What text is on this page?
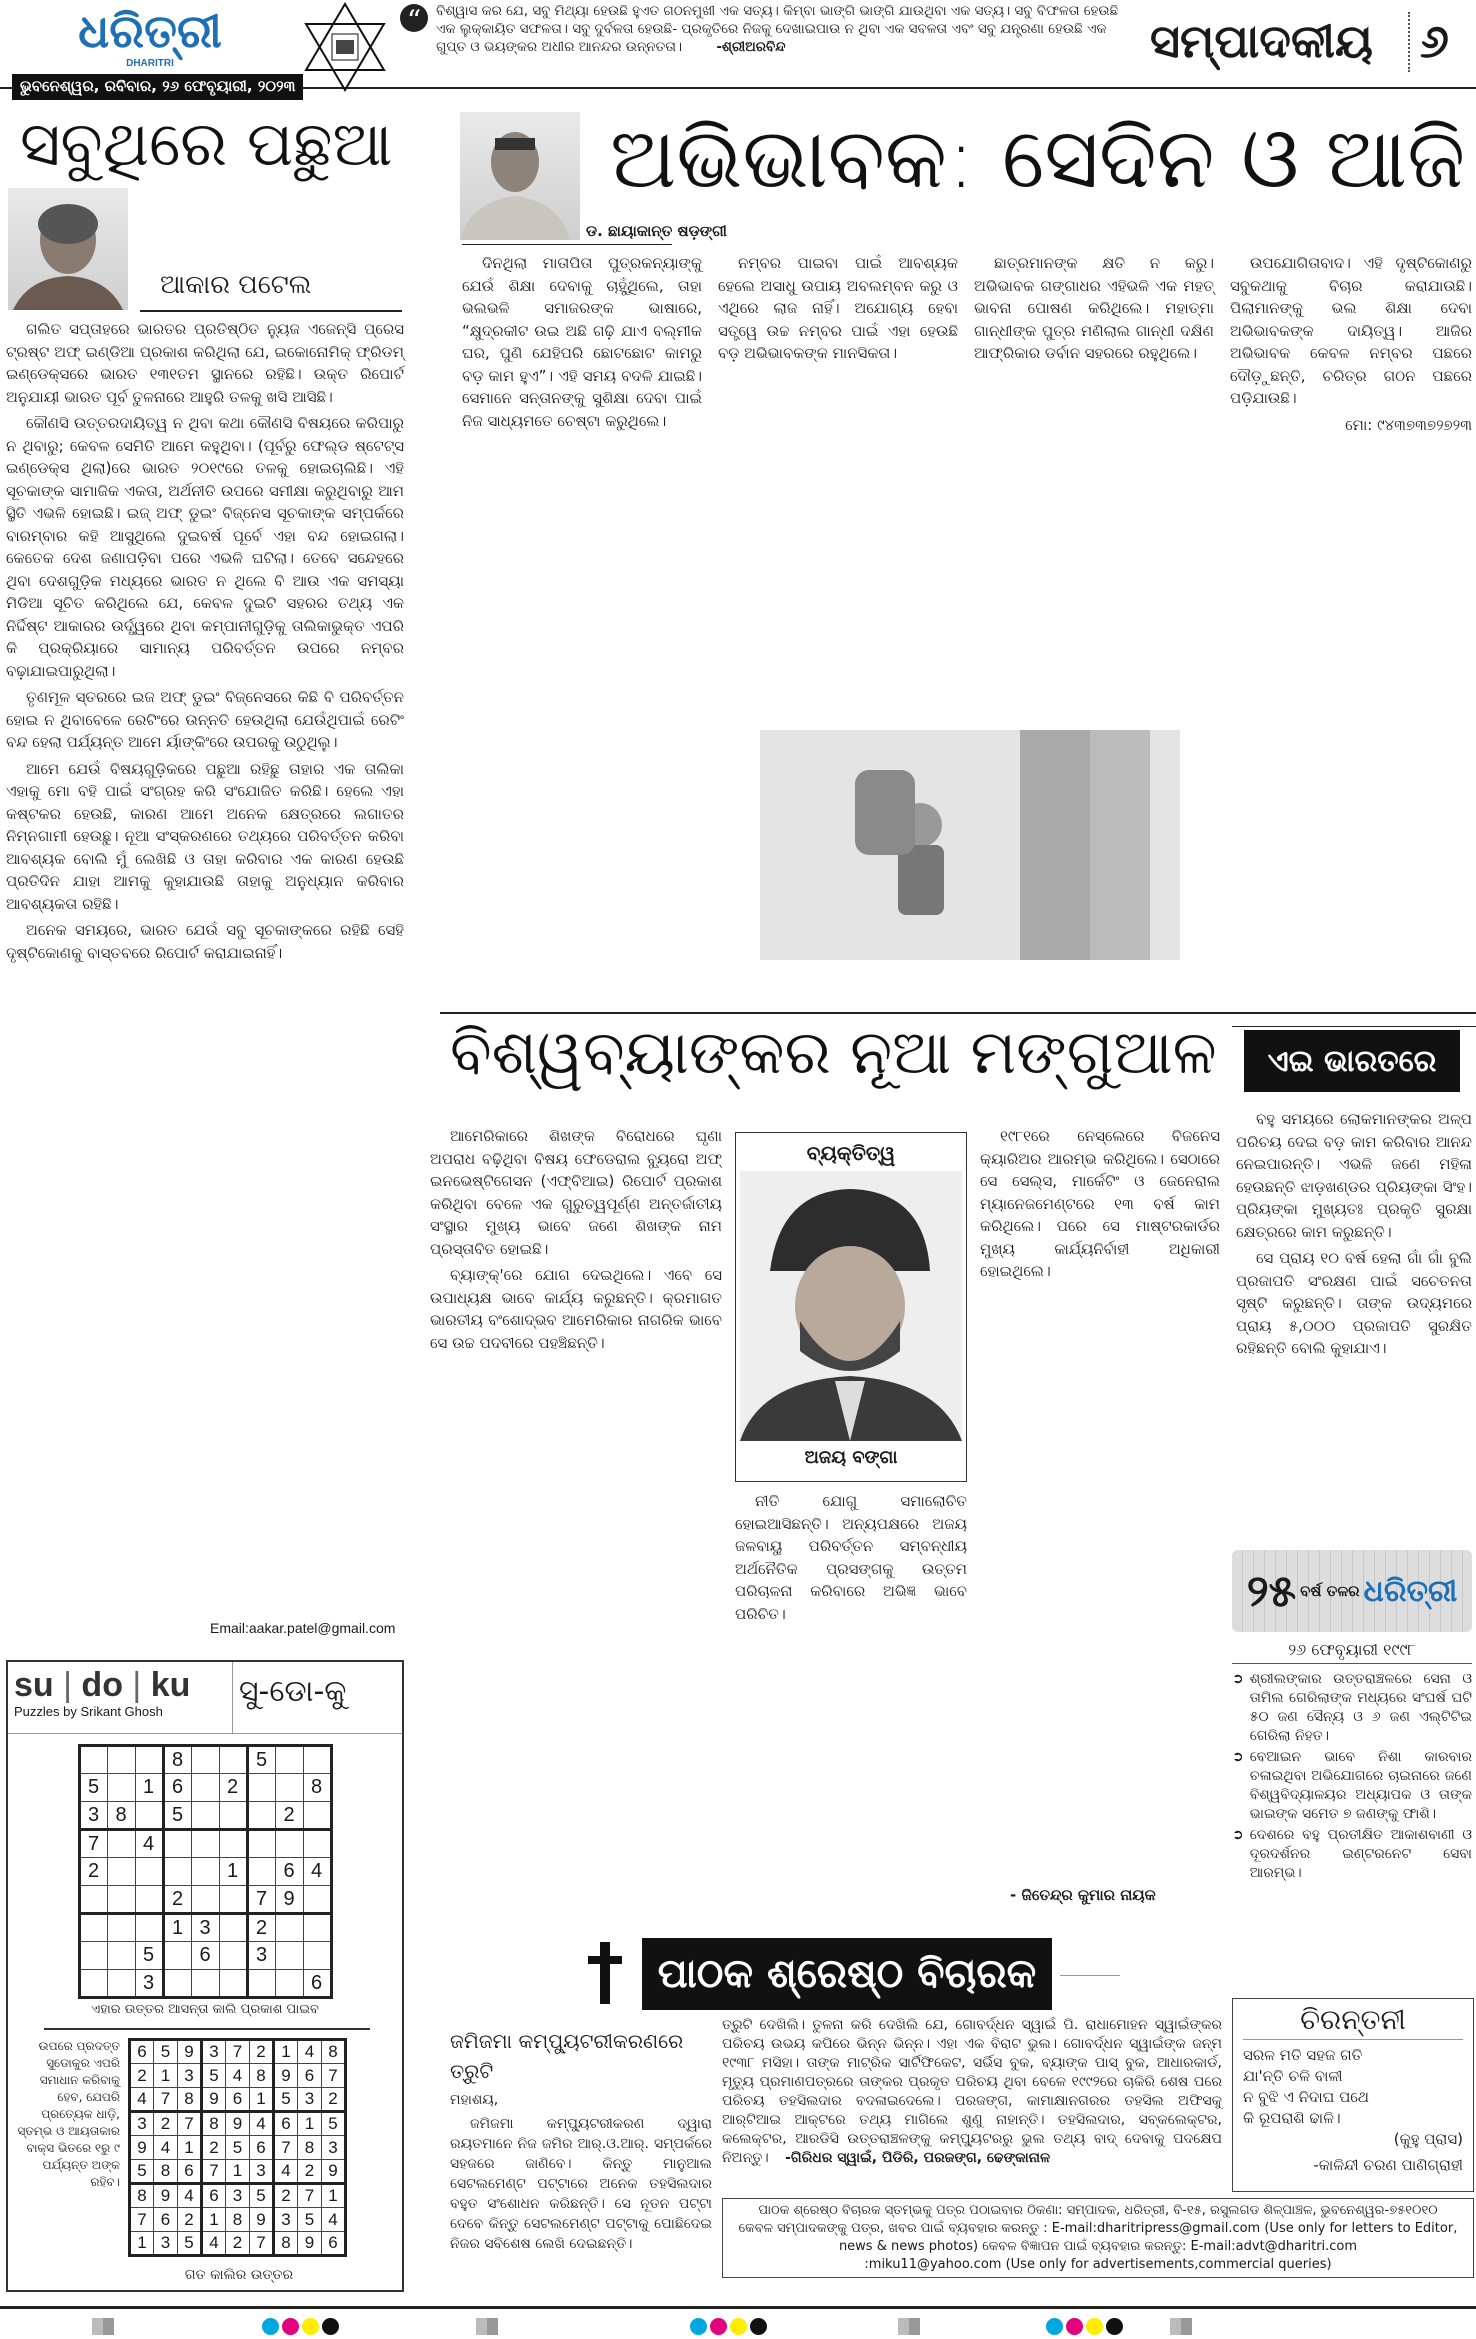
ଧରିତ୍ରୀ
DHARITRI
ଭୁବନେଶ୍ୱର, ରବିବାର, ୨୬ ଫେବୃୟାରୀ, ୨୦୨୩
“	ବିଶ୍ୱାସ କର ଯେ, ସବୁ ମିଥ୍ୟା ହେଉଛି ହୁଏତ ଗଠନମୁଖୀ ଏକ ସତ୍ୟ। କିମ୍ବା ଭାଙ୍ଗି ଭାଙ୍ଗି ଯାଉଥିବା ଏକ ସତ୍ୟ। ସବୁ ବିଫଳତା ହେଉଛି ଏକ ଲୁକ୍କାୟିତ ସଫଳତା। ସବୁ ଦୁର୍ବଳତା ହେଉଛି- ପ୍ରକୃତିରେ ନିଜକୁ ଦେଖାଇପାଉ ନ ଥିବା ଏକ ସବଳତା ଏବଂ ସବୁ ଯନ୍ତ୍ରଣା ହେଉଛି ଏକ ଗୁପ୍ତ ଓ ଭୟଙ୍କର ଅଧୀର ଆନନ୍ଦର ଉନ୍ନତତା।	-ଶ୍ରୀଅରବିନ୍ଦ	ସମ୍ପାଦକୀୟ ୬
ସବୁଥିରେ ପଛୁଆ
ଆକାର ପଟେଲ

ଗଲିତ ସପ୍ତାହରେ ଭାରତର ପ୍ରତିଷ୍ଠିତ ନ୍ୟୁଜ ଏଜେନ୍ସି ପ୍ରେସ ଟ୍ରଷ୍ଟ ଅଫ୍ ଇଣ୍ଡିଆ ପ୍ରକାଶ କରିଥିଲା ଯେ, ଇକୋନୋମିକ୍ ଫ୍ରିଡମ୍ ଇଣ୍ଡେକ୍ସରେ ଭାରତ ୧୩୧ତମ ସ୍ଥାନରେ ରହିଛି। ଉକ୍ତ ରିପୋର୍ଟ ଅନୁଯାୟୀ ଭାରତ ପୂର୍ବ ତୁଳନାରେ ଆହୁରି ତଳକୁ ଖସି ଆସିଛି।

କୌଣସି ଉତ୍ତରଦାୟିତ୍ୱ ନ ଥିବା କଥା କୌଣସି ବିଷୟରେ କରିପାରୁ ନ ଥିବାରୁ; କେବଳ ସେମିତି ଆମେ କହୁଥିବା। (ପୂର୍ବରୁ ଫେଲ୍ଡ ଷ୍ଟେଟ୍ସ ଇଣ୍ଡେକ୍ସ ଥିଲା)ରେ ଭାରତ ୨୦୧୯ରେ ତଳକୁ ହୋଇଚାଲିଛି। ଏହି ସୂଚକାଙ୍କ ସାମାଜିକ ଏକତା, ଅର୍ଥନୀତି ଉପରେ ସମୀକ୍ଷା କରୁଥିବାରୁ ଆମ ସ୍ଥିତି ଏଭଳି ହୋଇଛି। ଇଜ୍ ଅଫ୍ ଡୁଇଂ ବିଜ୍‌ନେସ ସୂଚକାଙ୍କ ସମ୍ପର୍କରେ ବାରମ୍ବାର କହି ଆସୁଥିଲେ ଦୁଇବର୍ଷ ପୂର୍ବେ ଏହା ବନ୍ଦ ହୋଇଗଲା। କେତେକ ଦେଶ ଜଣାପଡ଼ିବା ପରେ ଏଭଳି ଘଟିଲା। ତେବେ ସନ୍ଦେହରେ ଥିବା ଦେଶଗୁଡ଼ିକ ମଧ୍ୟରେ ଭାରତ ନ ଥିଲେ ବି ଆଉ ଏକ ସମସ୍ୟା ମିଡିଆ ସୂଚିତ କରିଥିଲେ ଯେ, କେବଳ ଦୁଇଟି ସହରର ତଥ୍ୟ ଏକ ନିର୍ଦ୍ଦିଷ୍ଟ ଆକାରର ଉର୍ଦ୍ଧ୍ୱରେ ଥିବା କମ୍ପାନୀଗୁଡ଼ିକୁ ତାଲିକାଭୁକ୍ତ ଏପରି କି ପ୍ରକ୍ରିୟାରେ ସାମାନ୍ୟ ପରିବର୍ତ୍ତନ ଉପରେ ନମ୍ବର ବଢ଼ାଯାଇପାରୁଥିଲା।

ତୃଣମୂଳ ସ୍ତରରେ ଇଜ ଅଫ୍ ଡୁଇଂ ବିଜ୍‌ନେସରେ କିଛି ବି ପରିବର୍ତ୍ତନ ହୋଇ ନ ଥିବାବେଳେ ରେଟିଂରେ ଉନ୍ନତି ହେଉଥିଲା ଯେଉଁଥିପାଇଁ ରେଟିଂ ବନ୍ଦ ହେଲା ପର୍ଯ୍ୟନ୍ତ ଆମେ ର୍ୟାଙ୍କିଂରେ ଉପରକୁ ଉଠୁଥିଲୁ।

ଆମେ ଯେଉଁ ବିଷୟଗୁଡ଼ିକରେ ପଛୁଆ ରହିଛୁ ତାହାର ଏକ ତାଲିକା ଏହାକୁ ମୋ ବହି ପାଇଁ ସଂଗ୍ରହ କରି ସଂଯୋଜିତ କରିଛି। ହେଲେ ଏହା କଷ୍ଟକର ହେଉଛି, କାରଣ ଆମେ ଅନେକ କ୍ଷେତ୍ରରେ ଲଗାତର ନିମ୍ନଗାମୀ ହେଉଛୁ। ନୂଆ ସଂସ୍କରଣରେ ତଥ୍ୟରେ ପରିବର୍ତ୍ତନ କରିବା ଆବଶ୍ୟକ ବୋଲି ମୁଁ ଲେଖିଛି ଓ ତାହା କରିବାର ଏକ କାରଣ ହେଉଛି ପ୍ରତିଦିନ ଯାହା ଆମକୁ କୁହାଯାଉଛି ତାହାକୁ ଅନୁଧ୍ୟାନ କରିବାର ଆବଶ୍ୟକତା ରହିଛି।

ଅନେକ ସମୟରେ, ଭାରତ ଯେଉଁ ସବୁ ସୂଚକାଙ୍କରେ ରହିଛି ସେହି ଦୃଷ୍ଟିକୋଣକୁ ବାସ୍ତବରେ ରିପୋର୍ଟ କରାଯାଇନାହିଁ।

Email:aakar.patel@gmail.com
su | do | ku
Puzzles by Srikant Ghosh
ସୁ-ଡୋ-କୁ
			8			5		
5		1	6		2			8
3	8		5				2	
7		4						
2					1		6	4
			2			7	9	
			1	3		2		
		5		6		3		
		3						6
ଏହାର ଉତ୍ତର ଆସନ୍ତା କାଲି ପ୍ରକାଶ ପାଇବ
ଉପରେ ପ୍ରଦତ୍ତ ସୁଡୋକୁର ଏପରି ସମାଧାନ କରିବାକୁ ହେବ, ଯେପରି ପ୍ରତ୍ୟେକ ଧାଡ଼ି, ସ୍ତମ୍ଭ ଓ ଆୟତାକାର ବାକ୍ସ ଭିତରେ ୧ରୁ ୯ ପର୍ଯ୍ୟନ୍ତ ଅଙ୍କ ରହିବ।
6	5	9	3	7	2	1	4	8
2	1	3	5	4	8	9	6	7
4	7	8	9	6	1	5	3	2
3	2	7	8	9	4	6	1	5
9	4	1	2	5	6	7	8	3
5	8	6	7	1	3	4	2	9
8	9	4	6	3	5	2	7	1
7	6	2	1	8	9	3	5	4
1	3	5	4	2	7	8	9	6
ଗତ କାଲିର ଉତ୍ତର
ଅଭିଭାବକ: ସେଦିନ ଓ ଆଜି
ଡ. ଛାୟାକାନ୍ତ ଷଡ଼ଙ୍ଗୀ

ଦିନଥିଲା ମାତାପିତା ପୁତ୍ରକନ୍ୟାଙ୍କୁ ଯେଉଁ ଶିକ୍ଷା ଦେବାକୁ ଚାହୁଁଥିଲେ, ତାହା ଭଲଭଳି ସମାଜରଙ୍କ ଭାଷାରେ, “କ୍ଷୁଦ୍ରକୀଟ ଉଇ ଅଛି ଗଢ଼ି ଯାଏ ବଲ୍ମୀକ ଘର, ପୁଣି ଯେହିପରି ଛୋଟଛୋଟ କାମରୁ ବଡ଼ କାମ ହୁଏ”। ଏହି ସମୟ ବଦଳି ଯାଇଛି। ସେମାନେ ସନ୍ତାନଙ୍କୁ ସୁଶିକ୍ଷା ଦେବା ପାଇଁ ନିଜ ସାଧ୍ୟମତେ ଚେଷ୍ଟା କରୁଥିଲେ।

ନମ୍ବର ପାଇବା ପାଇଁ ଆବଶ୍ୟକ ହେଲେ ଅସାଧୁ ଉପାୟ ଅବଲମ୍ବନ କରୁ ଓ ଏଥିରେ ଲାଜ ନାହିଁ। ଅଯୋଗ୍ୟ ହେବା ସତ୍ତ୍ୱେ ଉଚ୍ଚ ନମ୍ବର ପାଇଁ ଏହା ହେଉଛି ବଡ଼ ଅଭିଭାବକଙ୍କ ମାନସିକତା।

ଛାତ୍ରମାନଙ୍କ କ୍ଷତି ନ କରୁ। ଅଭିଭାବକ ଗଙ୍ଗାଧର ଏହିଭଳି ଏକ ମହତ୍ ଭାବନା ପୋଷଣ କରିଥିଲେ। ମହାତ୍ମା ଗାନ୍ଧୀଙ୍କ ପୁତ୍ର ମଣିଲାଲ ଗାନ୍ଧୀ ଦକ୍ଷିଣ ଆଫ୍ରିକାର ଡର୍ବାନ ସହରରେ ରହୁଥିଲେ।

ଉପଯୋଗିତାବାଦ। ଏହି ଦୃଷ୍ଟିକୋଣରୁ ସବୁକଥାକୁ ବିଚାର କରାଯାଉଛି। ପିଲାମାନଙ୍କୁ ଭଲ ଶିକ୍ଷା ଦେବା ଅଭିଭାବକଙ୍କ ଦାୟିତ୍ୱ। ଆଜିର ଅଭିଭାବକ କେବଳ ନମ୍ବର ପଛରେ ଦୌଡ଼ୁଛନ୍ତି, ଚରିତ୍ର ଗଠନ ପଛରେ ପଡ଼ିଯାଉଛି।

ମୋ: ୯୪୩୭୩୭୨୭୨୩

ବିଶ୍ୱବ୍ୟାଙ୍କର ନୂଆ ମଙ୍ଗୁଆଳ

ଆମେରିକାରେ ଶିଖଙ୍କ ବିରୋଧରେ ଘୃଣା ଅପରାଧ ବଢ଼ିଥିବା ବିଷୟ ଫେଡେରାଲ ବ୍ୟୁରୋ ଅଫ୍ ଇନଭେଷ୍ଟିଗେସନ (ଏଫ୍‌ବିଆଇ) ରିପୋର୍ଟ ପ୍ରକାଶ କରିଥିବା ବେଳେ ଏକ ଗୁରୁତ୍ୱପୂର୍ଣ୍ଣ ଅନ୍ତର୍ଜାତୀୟ ସଂସ୍ଥାର ମୁଖ୍ୟ ଭାବେ ଜଣେ ଶିଖଙ୍କ ନାମ ପ୍ରସ୍ତାବିତ ହୋଇଛି।

ବ୍ୟାଙ୍କ୍'ରେ ଯୋଗ ଦେଇଥିଲେ। ଏବେ ସେ ଉପାଧ୍ୟକ୍ଷ ଭାବେ କାର୍ଯ୍ୟ କରୁଛନ୍ତି। କ୍ରମାଗତ ଭାରତୀୟ ବଂଶୋଦ୍ଭବ ଆମେରିକାର ନାଗରିକ ଭାବେ ସେ ଉଚ୍ଚ ପଦବୀରେ ପହଞ୍ଚିଛନ୍ତି।

ବ୍ୟକ୍ତିତ୍ୱ
ଅଜୟ ବଙ୍ଗା

ନୀତି ଯୋଗୁ ସମାଲୋଚିତ ହୋଇଆସିଛନ୍ତି। ଅନ୍ୟପକ୍ଷରେ ଅଜୟ ଜଳବାୟୁ ପରିବର୍ତ୍ତନ ସମ୍ବନ୍ଧୀୟ ଅର୍ଥନୈତିକ ପ୍ରସଙ୍ଗକୁ ଉତ୍ତମ ପରିଚାଳନା କରିବାରେ ଅଭିଜ୍ଞ ଭାବେ ପରିଚିତ।

୧୯୮୧ରେ ନେସ୍‌ଲେରେ ବିଜନେସ କ୍ୟାରିଅର ଆରମ୍ଭ କରିଥିଲେ। ସେଠାରେ ସେ ସେଲ୍ସ, ମାର୍କେଟିଂ ଓ ଜେନେରାଲ ମ୍ୟାନେଜମେଣ୍ଟରେ ୧୩ ବର୍ଷ କାମ କରିଥିଲେ। ପରେ ସେ ମାଷ୍ଟରକାର୍ଡର ମୁଖ୍ୟ କାର୍ଯ୍ୟନିର୍ବାହୀ ଅଧିକାରୀ ହୋଇଥିଲେ।

- ଜିତେନ୍ଦ୍ର କୁମାର ନାୟକ
ଏଇ ଭାରତରେ

ବହୁ ସମୟରେ ଲୋକମାନଙ୍କର ଅଳ୍ପ ପରିଚୟ ଦେଇ ବଡ଼ କାମ କରିବାର ଆନନ୍ଦ ନେଇପାରନ୍ତି। ଏଭଳି ଜଣେ ମହିଳା ହେଉଛନ୍ତି ଝାଡ଼ଖଣ୍ଡର ପ୍ରିୟଙ୍କା ସିଂହ। ପ୍ରିୟଙ୍କା ମୁଖ୍ୟତଃ ପ୍ରକୃତି ସୁରକ୍ଷା କ୍ଷେତ୍ରରେ କାମ କରୁଛନ୍ତି।

ସେ ପ୍ରାୟ ୧୦ ବର୍ଷ ହେଲା ଗାଁ ଗାଁ ବୁଲି ପ୍ରଜାପତି ସଂରକ୍ଷଣ ପାଇଁ ସଚେତନତା ସୃଷ୍ଟି କରୁଛନ୍ତି। ତାଙ୍କ ଉଦ୍ୟମରେ ପ୍ରାୟ ୫,୦୦୦ ପ୍ରଜାପତି ସୁରକ୍ଷିତ ରହିଛନ୍ତି ବୋଲି କୁହାଯାଏ।

୨୫ ବର୍ଷ ତଳର ଧରିତ୍ରୀ
୨୬ ଫେବୃୟାରୀ ୧୯୯୮
➲ ଶ୍ରୀଲଙ୍କାର ଉତ୍ତରାଞ୍ଚଳରେ ସେନା ଓ ତାମିଲ ଗେରିଲାଙ୍କ ମଧ୍ୟରେ ସଂଘର୍ଷ ଘଟି ୫୦ ଜଣ ସୈନ୍ୟ ଓ ୬ ଜଣ ଏଲ୍‌ଟିଟିଇ ଗେରିଲା ନିହତ।
➲ ବେଆଇନ ଭାବେ ନିଶା କାରବାର ଚଳାଇଥିବା ଅଭିଯୋଗରେ ଚାଇନାରେ ଜଣେ ବିଶ୍ୱବିଦ୍ୟାଳୟର ଅଧ୍ୟାପକ ଓ ତାଙ୍କ ଭାଇଙ୍କ ସମେତ ୭ ଜଣଙ୍କୁ ଫାଶି।
➲ ଦେଶରେ ବହୁ ପ୍ରତୀକ୍ଷିତ ଆକାଶବାଣୀ ଓ ଦୂରଦର୍ଶନର ଇଣ୍ଟରନେଟ ସେବା ଆରମ୍ଭ।
ଚିରନ୍ତନୀ
ସରଳ ମତି ସହଜ ଗତି
ଯା'ନ୍ତି ଚଳି ବାଳୀ
ନ ବୁଝି ଏ ନିଦାଘ ପଥେ
କି ରୂପରାଶି ଢାଳି।
(କୁହୁ ପ୍ରାସ)
-କାଳିନ୍ଦୀ ଚରଣ ପାଣିଗ୍ରାହୀ
ପାଠକ ଶ୍ରେଷ୍ଠ ବିଚାରକ
ଜମିଜମା କମ୍ପ୍ୟୁଟରୀକରଣରେ ତ୍ରୁଟି
ମହାଶୟ,

ଜମିଜମା କମ୍ପ୍ୟୁଟରୀକରଣ ଦ୍ୱାରା ରୟତମାନେ ନିଜ ଜମିର ଆର୍.ଓ.ଆର୍. ସମ୍ପର୍କରେ ସହଜରେ ଜାଣିବେ। କିନ୍ତୁ ମାନୁଆଲ ସେଟଲମେଣ୍ଟ ପଟ୍ଟାରେ ଅନେକ ତହସିଲଦାର ବହୁତ ସଂଶୋଧନ କରିଛନ୍ତି। ସେ ନୂତନ ପଟ୍ଟା ଦେବେ କିନ୍ତୁ ସେଟଲମେଣ୍ଟ ପଟ୍ଟାକୁ ପୋଛିଦେଇ ନିଜର ସବିଶେଷ ଲେଖି ଦେଇଛନ୍ତି।

ତ୍ରୁଟି ଦେଖିଲି। ତୁଳନା କରି ଦେଖିଲି ଯେ, ଗୋବର୍ଦ୍ଧନ ସ୍ୱାଇଁ ପି. ରାଧାମୋହନ ସ୍ୱାଇଁଙ୍କର ପରିଚୟ ଉଭୟ କପିରେ ଭିନ୍ନ ଭିନ୍ନ। ଏହା ଏକ ବିରାଟ ଭୁଲ। ଗୋବର୍ଦ୍ଧନ ସ୍ୱାଇଁଙ୍କ ଜନ୍ମ ୧୯୩୮ ମସିହା। ତାଙ୍କ ମାଟ୍ରିକ ସାର୍ଟିଫିକେଟ, ସର୍ଭିସ ବୁକ, ବ୍ୟାଙ୍କ ପାସ୍ ବୁକ, ଆଧାରକାର୍ଡ, ମୃତ୍ୟୁ ପ୍ରମାଣପତ୍ରରେ ତାଙ୍କର ପ୍ରକୃତ ପରିଚୟ ଥିବା ବେଳେ ୧୯୯୨ରେ ଚାକିରି ଶେଷ ପରେ ପରିଚୟ ତହସିଲଦାର ବଦଳାଇଦେଲେ। ପରଜଙ୍ଗ, କାମାକ୍ଷାନଗରର ତହସିଲ ଅଫିସକୁ ଆର୍‌ଟିଆଇ ଆକ୍ଟରେ ତଥ୍ୟ ମାଗିଲେ ଶୁଣୁ ନାହାନ୍ତି। ତହସିଲଦାର, ସବ୍‌କଲେକ୍ଟର, କଲେକ୍ଟର, ଆରଡିସି ଉତ୍ତରାଞ୍ଚଳଙ୍କୁ କମ୍ପ୍ୟୁଟରରୁ ଭୁଲ ତଥ୍ୟ ବାଦ୍ ଦେବାକୁ ପଦକ୍ଷେପ ନିଅନ୍ତୁ। -ଗିରିଧର ସ୍ୱାଇଁ, ପିଡିରି, ପରଜଙ୍ଗ, ଢେଙ୍କାନାଳ

ପାଠକ ଶ୍ରେଷ୍ଠ ବିଚାରକ ସ୍ତମ୍ଭକୁ ପତ୍ର ପଠାଇବାର ଠିକଣା: ସମ୍ପାଦକ, ଧରିତ୍ରୀ, ବି-୧୫, ରସୁଲଗଡ ଶିଳ୍ପାଞ୍ଚଳ, ଭୁବନେଶ୍ୱର-୭୫୧୦୧୦
କେବଳ ସମ୍ପାଦକଙ୍କୁ ପତ୍ର, ଖବର ପାଇଁ ବ୍ୟବହାର କରନ୍ତୁ : E-mail:dharitripress@gmail.com (Use only for letters to Editor,
news & news photos) କେବଳ ବିଜ୍ଞାପନ ପାଇଁ ବ୍ୟବହାର କରନ୍ତୁ: E-mail:advt@dharitri.com
:miku11@yahoo.com (Use only for advertisements,commercial queries)
